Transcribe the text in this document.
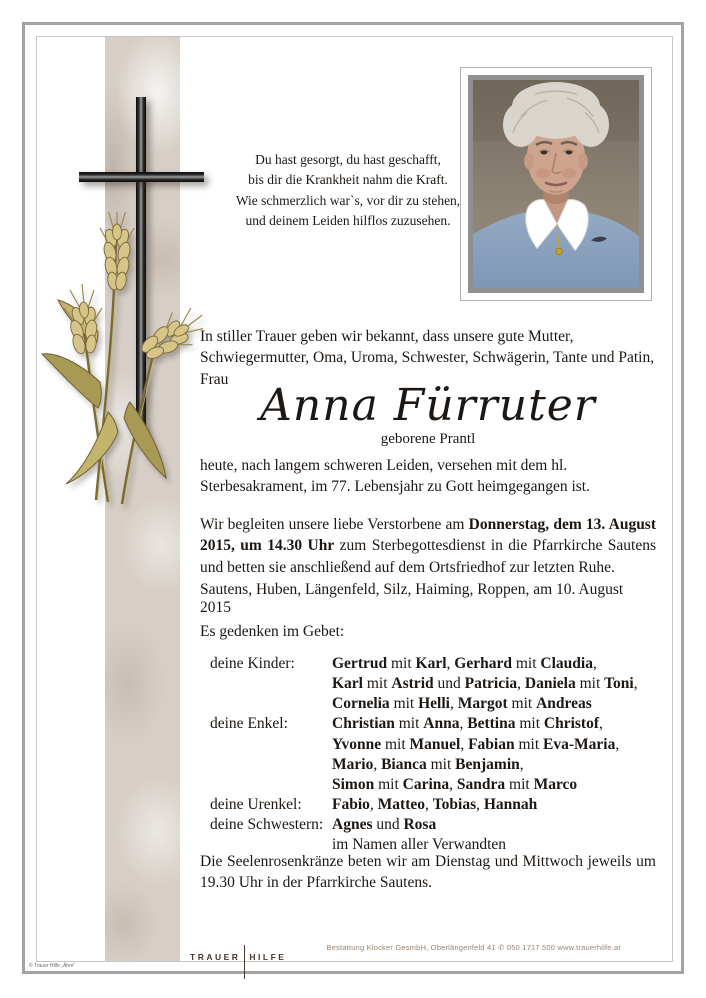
Du hast gesorgt, du hast geschafft,
bis dir die Krankheit nahm die Kraft.
Wie schmerzlich war`s, vor dir zu stehen,
und deinem Leiden hilflos zuzusehen.
In stiller Trauer geben wir bekannt, dass unsere gute Mutter, Schwiegermutter, Oma, Uroma, Schwester, Schwägerin, Tante und Patin, Frau
Anna Fürruter
geborene Prantl
heute, nach langem schweren Leiden, versehen mit dem hl. Sterbesakrament, im 77. Lebensjahr zu Gott heimgegangen ist.
Wir begleiten unsere liebe Verstorbene am Donnerstag, dem 13. August 2015, um 14.30 Uhr zum Sterbegottesdienst in die Pfarrkirche Sautens und betten sie anschließend auf dem Ortsfriedhof zur letzten Ruhe.
Sautens, Huben, Längenfeld, Silz, Haiming, Roppen, am 10. August 2015
Es gedenken im Gebet:
deine Kinder:	Gertrud mit Karl, Gerhard mit Claudia,
Karl mit Astrid und Patricia, Daniela mit Toni,
Cornelia mit Helli, Margot mit Andreas
deine Enkel:	Christian mit Anna, Bettina mit Christof,
Yvonne mit Manuel, Fabian mit Eva-Maria,
Mario, Bianca mit Benjamin,
Simon mit Carina, Sandra mit Marco
deine Urenkel:	Fabio, Matteo, Tobias, Hannah
deine Schwestern: Agnes und Rosa
im Namen aller Verwandten
Die Seelenrosenkränze beten wir am Dienstag und Mittwoch jeweils um 19.30 Uhr in der Pfarrkirche Sautens.
TRAUER HILFE
Bestattung Klocker GesmbH, Oberlängenfeld 41 ✆ 050 1717 500 www.trauerhilfe.at
© Trauer Hilfe „Ähre“
